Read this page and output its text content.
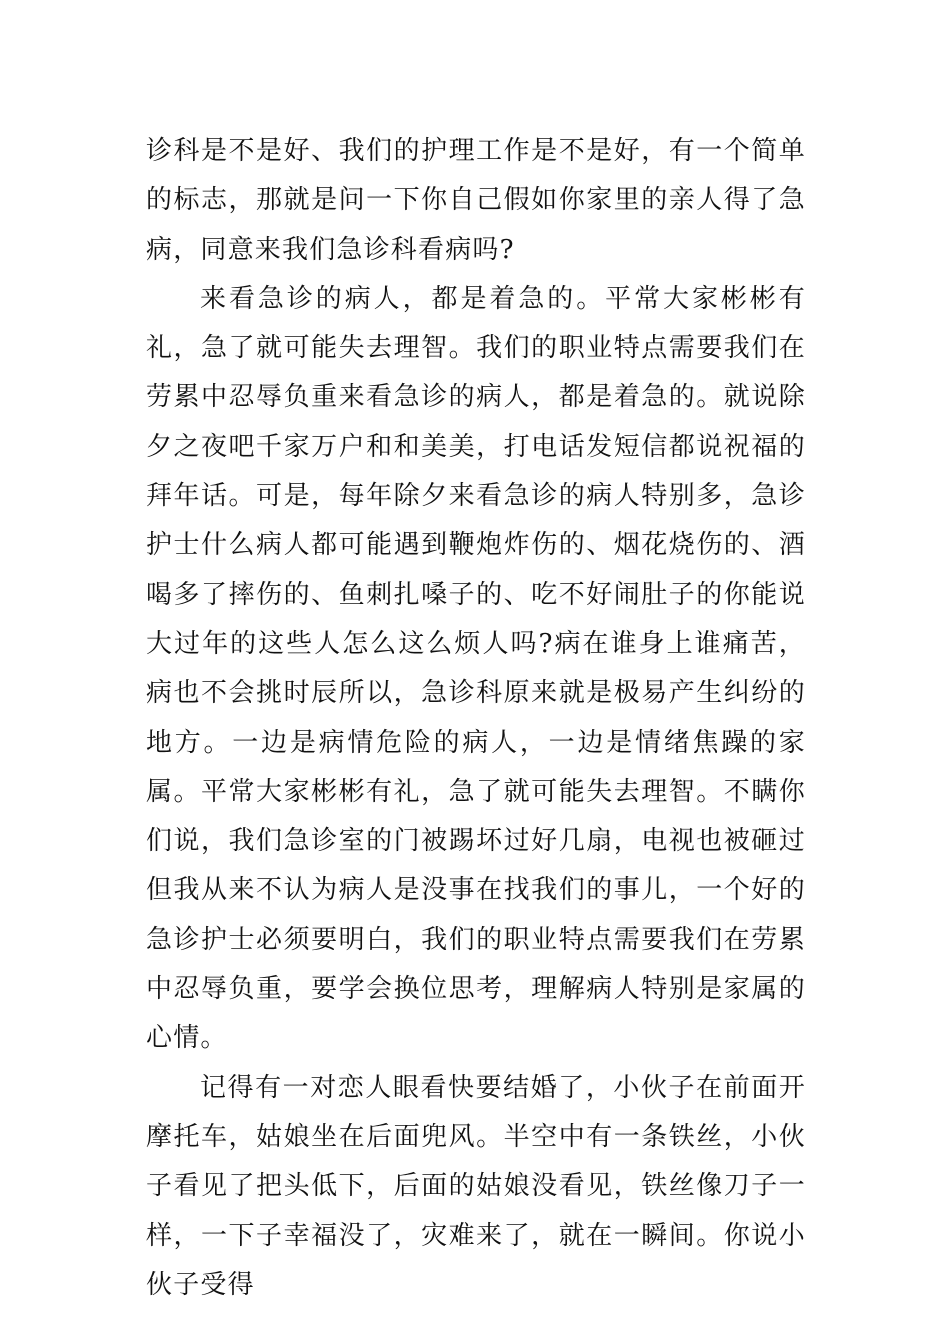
诊科是不是好、我们的护理工作是不是好，有一个简单的标志，那就是问一下你自己假如你家里的亲人得了急病，同意来我们急诊科看病吗?

来看急诊的病人，都是着急的。平常大家彬彬有礼，急了就可能失去理智。我们的职业特点需要我们在劳累中忍辱负重来看急诊的病人，都是着急的。就说除夕之夜吧千家万户和和美美，打电话发短信都说祝福的拜年话。可是，每年除夕来看急诊的病人特别多，急诊护士什么病人都可能遇到鞭炮炸伤的、烟花烧伤的、酒喝多了摔伤的、鱼刺扎嗓子的、吃不好闹肚子的你能说大过年的这些人怎么这么烦人吗?病在谁身上谁痛苦，病也不会挑时辰所以，急诊科原来就是极易产生纠纷的地方。一边是病情危险的病人，一边是情绪焦躁的家属。平常大家彬彬有礼，急了就可能失去理智。不瞒你们说，我们急诊室的门被踢坏过好几扇，电视也被砸过但我从来不认为病人是没事在找我们的事儿，一个好的急诊护士必须要明白，我们的职业特点需要我们在劳累中忍辱负重，要学会换位思考，理解病人特别是家属的心情。

记得有一对恋人眼看快要结婚了，小伙子在前面开摩托车，姑娘坐在后面兜风。半空中有一条铁丝，小伙子看见了把头低下，后面的姑娘没看见，铁丝像刀子一样，一下子幸福没了，灾难来了，就在一瞬间。你说小伙子受得
